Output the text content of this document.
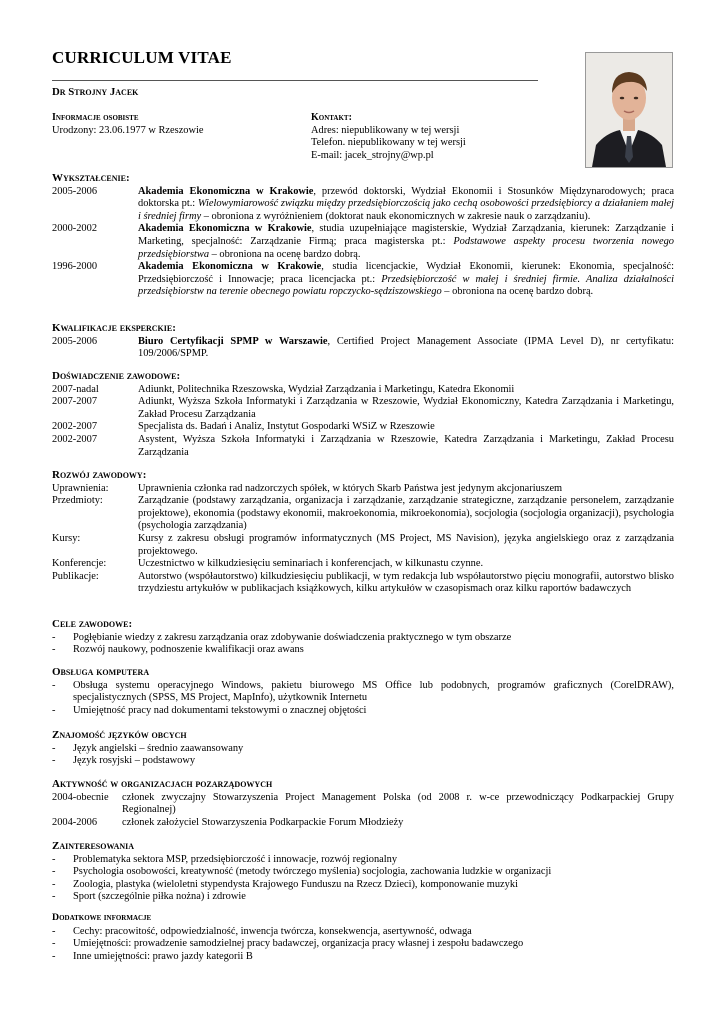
CURRICULUM VITAE
Dr Strojny Jacek
Informacje osobiste
Urodzony: 23.06.1977 w Rzeszowie
Kontakt:
Adres: niepublikowany w tej wersji
Telefon. niepublikowany w tej wersji
E-mail: jacek_strojny@wp.pl
Wykształcenie:
2005-2006	Akademia Ekonomiczna w Krakowie, przewód doktorski, Wydział Ekonomii i Stosunków Międzynarodowych; praca doktorska pt.: Wielowymiarowość związku między przedsiębiorczością jako cechą osobowości przedsiębiorcy a działaniem małej i średniej firmy – obroniona z wyróżnieniem (doktorat nauk ekonomicznych w zakresie nauk o zarządzaniu).
2000-2002	Akademia Ekonomiczna w Krakowie, studia uzupełniające magisterskie, Wydział Zarządzania, kierunek: Zarządzanie i Marketing, specjalność: Zarządzanie Firmą; praca magisterska pt.: Podstawowe aspekty procesu tworzenia nowego przedsiębiorstwa – obroniona na ocenę bardzo dobrą.
1996-2000	Akademia Ekonomiczna w Krakowie, studia licencjackie, Wydział Ekonomii, kierunek: Ekonomia, specjalność: Przedsiębiorczość i Innowacje; praca licencjacka pt.: Przedsiębiorczość w małej i średniej firmie. Analiza działalności przedsiębiorstw na terenie obecnego powiatu ropczycko-sędziszowskiego – obroniona na ocenę bardzo dobrą.
Kwalifikacje eksperckie:
2005-2006	Biuro Certyfikacji SPMP w Warszawie, Certified Project Management Associate (IPMA Level D), nr certyfikatu: 109/2006/SPMP.
Doświadczenie zawodowe:
2007-nadal	Adiunkt, Politechnika Rzeszowska, Wydział Zarządzania i Marketingu, Katedra Ekonomii
2007-2007	Adiunkt, Wyższa Szkoła Informatyki i Zarządzania w Rzeszowie, Wydział Ekonomiczny, Katedra Zarządzania i Marketingu, Zakład Procesu Zarządzania
2002-2007	Specjalista ds. Badań i Analiz, Instytut Gospodarki WSiZ w Rzeszowie
2002-2007	Asystent, Wyższa Szkoła Informatyki i Zarządzania w Rzeszowie, Katedra Zarządzania i Marketingu, Zakład Procesu Zarządzania
Rozwój zawodowy:
Uprawnienia:	Uprawnienia członka rad nadzorczych spółek, w których Skarb Państwa jest jedynym akcjonariuszem
Przedmioty:	Zarządzanie (podstawy zarządzania, organizacja i zarządzanie, zarządzanie strategiczne, zarządzanie personelem, zarządzanie projektowe), ekonomia (podstawy ekonomii, makroekonomia, mikroekonomia), socjologia (socjologia organizacji), psychologia (psychologia zarządzania)
Kursy:	Kursy z zakresu obsługi programów informatycznych (MS Project, MS Navision), języka angielskiego oraz z zarządzania projektowego.
Konferencje:	Uczestnictwo w kilkudziesięciu seminariach i konferencjach, w kilkunastu czynne.
Publikacje:	Autorstwo (współautorstwo) kilkudziesięciu publikacji, w tym redakcja lub współautorstwo pięciu monografii, autorstwo blisko trzydziestu artykułów w publikacjach książkowych, kilku artykułów w czasopismach oraz kilku raportów badawczych
Cele zawodowe:
-	Pogłębianie wiedzy z zakresu zarządzania oraz zdobywanie doświadczenia praktycznego w tym obszarze
-	Rozwój naukowy, podnoszenie kwalifikacji oraz awans
Obsługa komputera
-	Obsługa systemu operacyjnego Windows, pakietu biurowego MS Office lub podobnych, programów graficznych (CorelDRAW), specjalistycznych (SPSS, MS Project, MapInfo), użytkownik Internetu
-	Umiejętność pracy nad dokumentami tekstowymi o znacznej objętości
Znajomość języków obcych
-	Język angielski – średnio zaawansowany
-	Język rosyjski – podstawowy
Aktywność w organizacjach pozarządowych
2004-obecnie	członek zwyczajny Stowarzyszenia Project Management Polska (od 2008 r. w-ce przewodniczący Podkarpackiej Grupy Regionalnej)
2004-2006	członek założyciel Stowarzyszenia Podkarpackie Forum Młodzieży
Zainteresowania
-	Problematyka sektora MSP, przedsiębiorczość i innowacje, rozwój regionalny
-	Psychologia osobowości, kreatywność (metody twórczego myślenia) socjologia, zachowania ludzkie w organizacji
-	Zoologia, plastyka (wieloletni stypendysta Krajowego Funduszu na Rzecz Dzieci), komponowanie muzyki
-	Sport (szczególnie piłka nożna) i zdrowie
Dodatkowe informacje
-	Cechy: pracowitość, odpowiedzialność, inwencja twórcza, konsekwencja, asertywność, odwaga
-	Umiejętności: prowadzenie samodzielnej pracy badawczej, organizacja pracy własnej i zespołu badawczego
-	Inne umiejętności: prawo jazdy kategorii B
